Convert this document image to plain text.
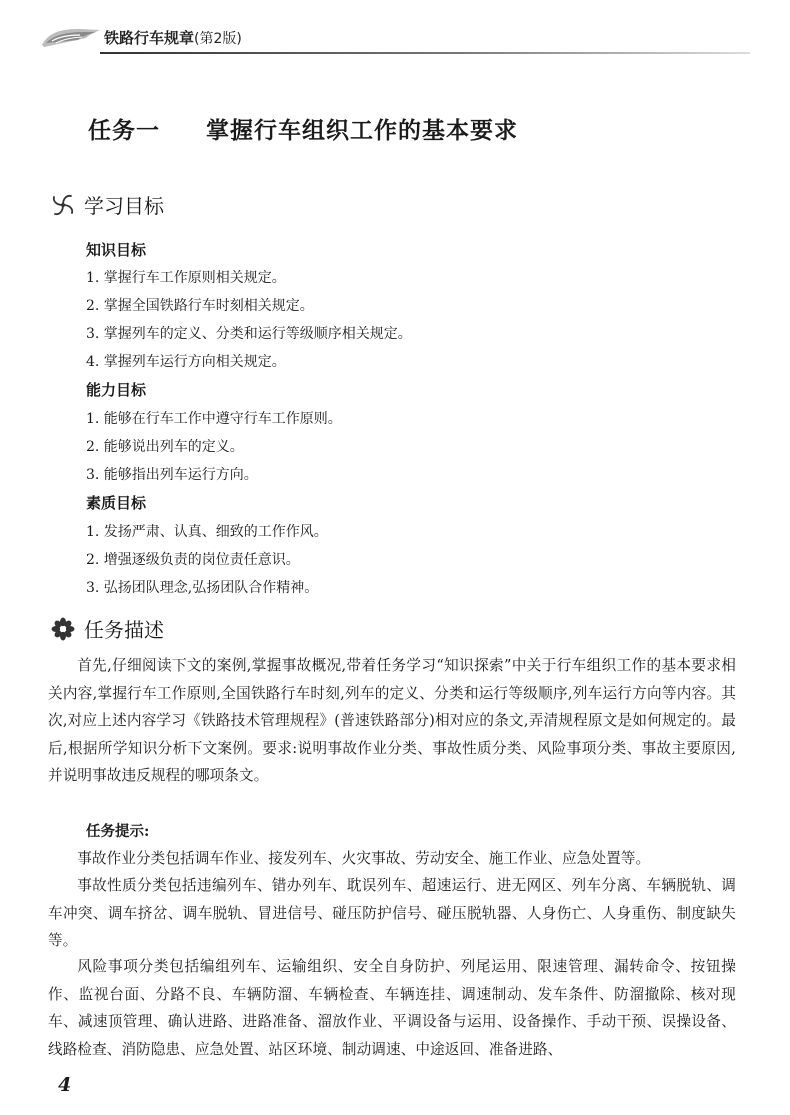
铁路行车规章(第2版)
任务一 掌握行车组织工作的基本要求
学习目标
知识目标
1. 掌握行车工作原则相关规定。
2. 掌握全国铁路行车时刻相关规定。
3. 掌握列车的定义、分类和运行等级顺序相关规定。
4. 掌握列车运行方向相关规定。
能力目标
1. 能够在行车工作中遵守行车工作原则。
2. 能够说出列车的定义。
3. 能够指出列车运行方向。
素质目标
1. 发扬严肃、认真、细致的工作作风。
2. 增强逐级负责的岗位责任意识。
3. 弘扬团队理念,弘扬团队合作精神。
任务描述

首先,仔细阅读下文的案例,掌握事故概况,带着任务学习“知识探索”中关于行车组织工作的基本要求相关内容,掌握行车工作原则,全国铁路行车时刻,列车的定义、分类和运行等级顺序,列车运行方向等内容。其次,对应上述内容学习《铁路技术管理规程》(普速铁路部分)相对应的条文,弄清规程原文是如何规定的。最后,根据所学知识分析下文案例。要求:说明事故作业分类、事故性质分类、风险事项分类、事故主要原因,并说明事故违反规程的哪项条文。

任务提示:

事故作业分类包括调车作业、接发列车、火灾事故、劳动安全、施工作业、应急处置等。

事故性质分类包括违编列车、错办列车、耽误列车、超速运行、进无网区、列车分离、车辆脱轨、调车冲突、调车挤岔、调车脱轨、冒进信号、碰压防护信号、碰压脱轨器、人身伤亡、人身重伤、制度缺失等。

风险事项分类包括编组列车、运输组织、安全自身防护、列尾运用、限速管理、漏转命令、按钮操作、监视台面、分路不良、车辆防溜、车辆检查、车辆连挂、调速制动、发车条件、防溜撤除、核对现车、减速顶管理、确认进路、进路准备、溜放作业、平调设备与运用、设备操作、手动干预、误操设备、线路检查、消防隐患、应急处置、站区环境、制动调速、中途返回、准备进路、

4
